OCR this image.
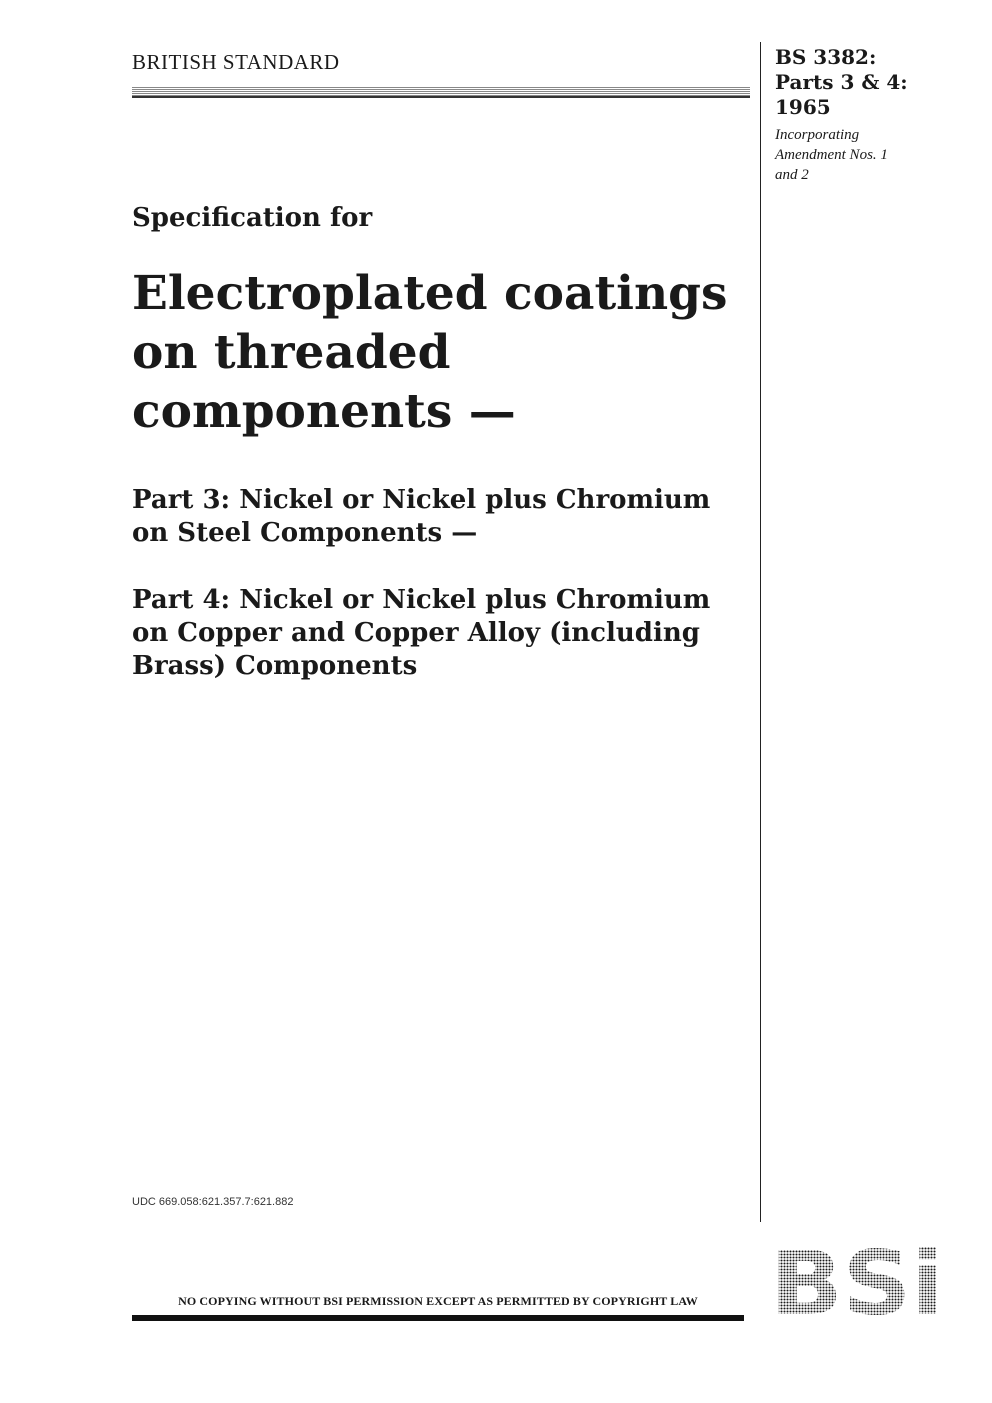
BRITISH STANDARD	BS 3382:
Parts 3 & 4:
1965
Incorporating
Amendment Nos. 1
and 2
Specification for
Electroplated coatings
on threaded
components —
Part 3: Nickel or Nickel plus Chromium
on Steel Components —
Part 4: Nickel or Nickel plus Chromium
on Copper and Copper Alloy (including
Brass) Components
UDC 669.058:621.357.7:621.882
NO COPYING WITHOUT BSI PERMISSION EXCEPT AS PERMITTED BY COPYRIGHT LAW BSi
